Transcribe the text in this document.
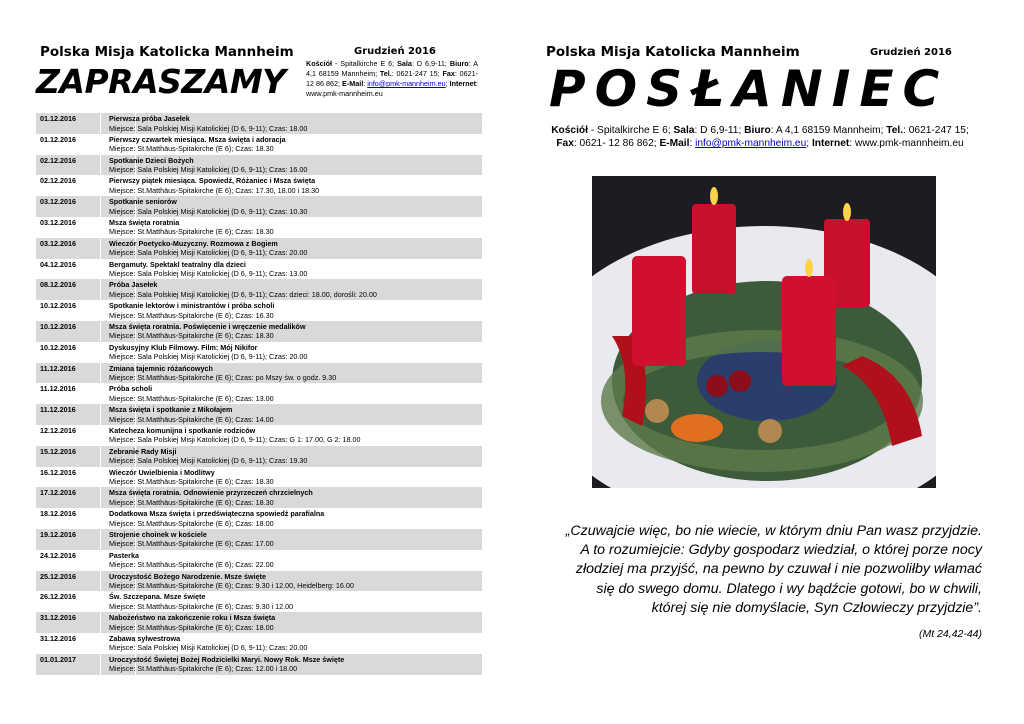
Polska Misja Katolicka Mannheim	Grudzień 2016
ZAPRASZAMY	Kościół - Spitalkirche E 6; Sala: D 6,9-11; Biuro: A 4,1 68159 Mannheim; Tel.: 0621-247 15; Fax: 0621- 12 86 862; E-Mail: info@pmk-mannheim.eu; Internet: www.pmk-mannheim.eu
01.12.2016	Pierwsza próba Jasełek
Miejsce: Sala Polskiej Misji Katolickiej (D 6, 9-11); Czas: 18.00
01.12.2016	Pierwszy czwartek miesiąca. Msza święta i adoracja
Miejsce: St.Matthäus-Spitakirche (E 6); Czas: 18.30
02.12.2016	Spotkanie Dzieci Bożych
Miejsce: Sala Polskiej Misji Katolickiej (D 6, 9-11); Czas: 16.00
02.12.2016	Pierwszy piątek miesiąca. Spowiedź, Różaniec i Msza święta
Miejsce: St.Matthäus-Spitakirche (E 6); Czas: 17.30, 18.00 i 18.30
03.12.2016	Spotkanie seniorów
Miejsce: Sala Polskiej Misji Katolickiej (D 6, 9-11); Czas: 10.30
03.12.2016	Msza święta roratnia
Miejsce: St.Matthäus-Spitakirche (E 6); Czas: 18.30
03.12.2016	Wieczór Poetycko-Muzyczny. Rozmowa z Bogiem
Miejsce: Sala Polskiej Misji Katolickiej (D 6, 9-11); Czas: 20.00
04.12.2016	Bergamuty. Spektakl teatralny dla dzieci
Miejsce: Sala Polskiej Misji Katolickiej (D 6, 9-11); Czas: 13.00
08.12.2016	Próba Jasełek
Miejsce: Sala Polskiej Misji Katolickiej (D 6, 9-11); Czas: dzieci: 18.00, dorośli: 20.00
10.12.2016	Spotkanie lektorów i ministrantów i próba scholi
Miejsce: St.Matthäus-Spitakirche (E 6); Czas: 16.30
10.12.2016	Msza święta roratnia. Poświęcenie i wręczenie medalików
Miejsce: St.Matthäus-Spitakirche (E 6); Czas: 18.30
10.12.2016	Dyskusyjny Klub Filmowy. Film: Mój Nikifor
Miejsce: Sala Polskiej Misji Katolickiej (D 6, 9-11); Czas: 20.00
11.12.2016	Zmiana tajemnic różańcowych
Miejsce: St.Matthäus-Spitakirche (E 6); Czas: po Mszy św. o godz. 9.30
11.12.2016	Próba scholi
Miejsce: St.Matthäus-Spitakirche (E 6); Czas: 13.00
11.12.2016	Msza święta i spotkanie z Mikołajem
Miejsce: St.Matthäus-Spitakirche (E 6); Czas: 14.00
12.12.2016	Katecheza komunijna i spotkanie rodziców
Miejsce: Sala Polskiej Misji Katolickiej (D 6, 9-11); Czas: G 1: 17.00, G 2: 18.00
15.12.2016	Zebranie Rady Misji
Miejsce: Sala Polskiej Misji Katolickiej (D 6, 9-11); Czas: 19.30
16.12.2016	Wieczór Uwielbienia i Modlitwy
Miejsce: St.Matthäus-Spitakirche (E 6); Czas: 18.30
17.12.2016	Msza święta roratnia. Odnowienie przyrzeczeń chrzcielnych
Miejsce: St.Matthäus-Spitakirche (E 6); Czas: 18.30
18.12.2016	Dodatkowa Msza święta i przedświąteczna spowiedź parafialna
Miejsce: St.Matthäus-Spitakirche (E 6); Czas: 18.00
19.12.2016	Strojenie choinek w kościele
Miejsce: St.Matthäus-Spitakirche (E 6); Czas: 17.00
24.12.2016	Pasterka
Miejsce: St.Matthäus-Spitakirche (E 6); Czas: 22.00
25.12.2016	Uroczystość Bożego Narodzenie. Msze święte
Miejsce: St.Matthäus-Spitakirche (E 6); Czas: 9.30 i 12.00, Heidelberg: 16.00
26.12.2016	Św. Szczepana. Msze święte
Miejsce: St.Matthäus-Spitakirche (E 6); Czas: 9.30 i 12.00
31.12.2016	Nabożeństwo na zakończenie roku i Msza święta
Miejsce: St.Matthäus-Spitakirche (E 6); Czas: 18.00
31.12.2016	Zabawa sylwestrowa
Miejsce: Sala Polskiej Misji Katolickiej (D 6, 9-11); Czas: 20.00
01.01.2017	Uroczystość Świętej Bożej Rodzicielki Maryi. Nowy Rok. Msze święte
Miejsce: St.Matthäus-Spitakirche (E 6); Czas: 12.00 i 18.00
Polska Misja Katolicka Mannheim	Grudzień 2016
POSŁANIEC
Kościół - Spitalkirche E 6; Sala: D 6,9-11; Biuro: A 4,1 68159 Mannheim; Tel.: 0621-247 15;
Fax: 0621- 12 86 862; E-Mail: info@pmk-mannheim.eu; Internet: www.pmk-mannheim.eu
„Czuwajcie więc, bo nie wiecie, w którym dniu Pan wasz przyjdzie. A to rozumiejcie: Gdyby gospodarz wiedział, o której porze nocy złodziej ma przyjść, na pewno by czuwał i nie pozwoliłby włamać się do swego domu. Dlatego i wy bądźcie gotowi, bo w chwili, której się nie domyślacie, Syn Człowieczy przyjdzie”.
(Mt 24,42-44)
